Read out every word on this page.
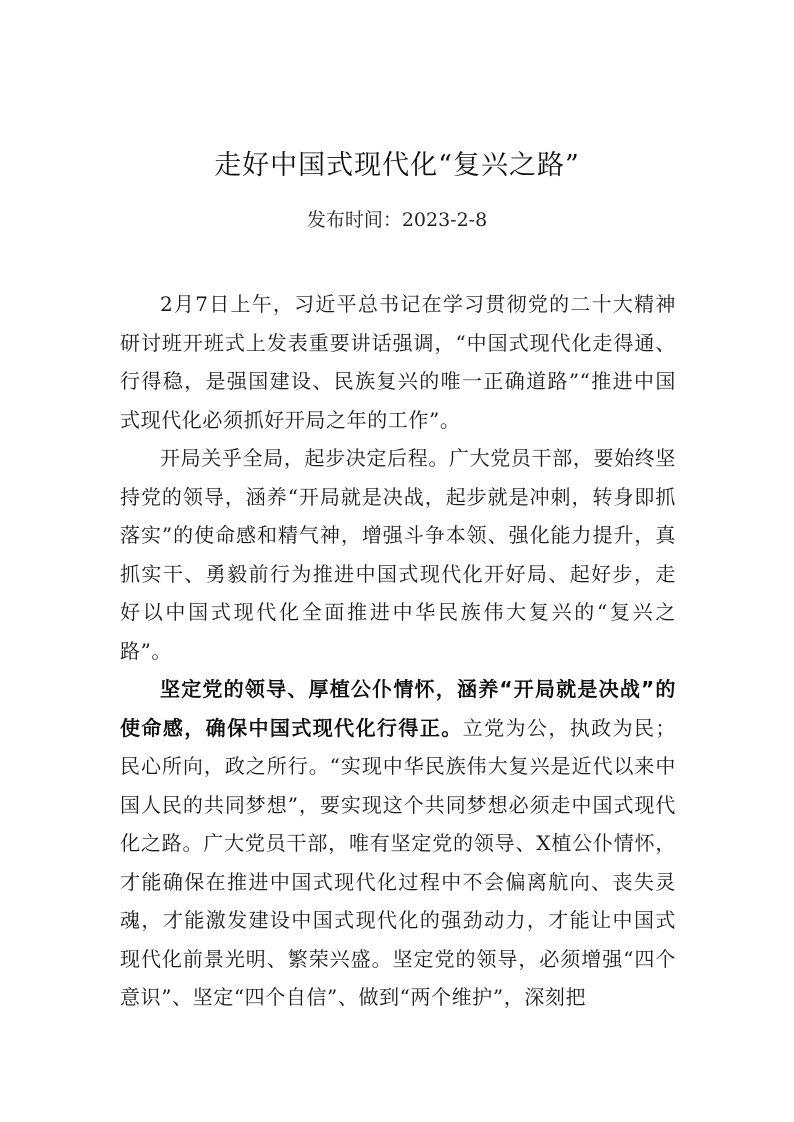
走好中国式现代化“复兴之路”
发布时间：2023-2-8

2月7日上午，习近平总书记在学习贯彻党的二十大精神研讨班开班式上发表重要讲话强调，“中国式现代化走得通、行得稳，是强国建设、民族复兴的唯一正确道路”“推进中国式现代化必须抓好开局之年的工作”。

开局关乎全局，起步决定后程。广大党员干部，要始终坚持党的领导，涵养“开局就是决战，起步就是冲刺，转身即抓落实”的使命感和精气神，增强斗争本领、强化能力提升，真抓实干、勇毅前行为推进中国式现代化开好局、起好步，走好以中国式现代化全面推进中华民族伟大复兴的“复兴之路”。

坚定党的领导、厚植公仆情怀，涵养“开局就是决战”的使命感，确保中国式现代化行得正。立党为公，执政为民；民心所向，政之所行。“实现中华民族伟大复兴是近代以来中国人民的共同梦想”，要实现这个共同梦想必须走中国式现代化之路。广大党员干部，唯有坚定党的领导、X植公仆情怀，才能确保在推进中国式现代化过程中不会偏离航向、丧失灵魂，才能激发建设中国式现代化的强劲动力，才能让中国式现代化前景光明、繁荣兴盛。坚定党的领导，必须增强“四个意识”、坚定“四个自信”、做到“两个维护”，深刻把
